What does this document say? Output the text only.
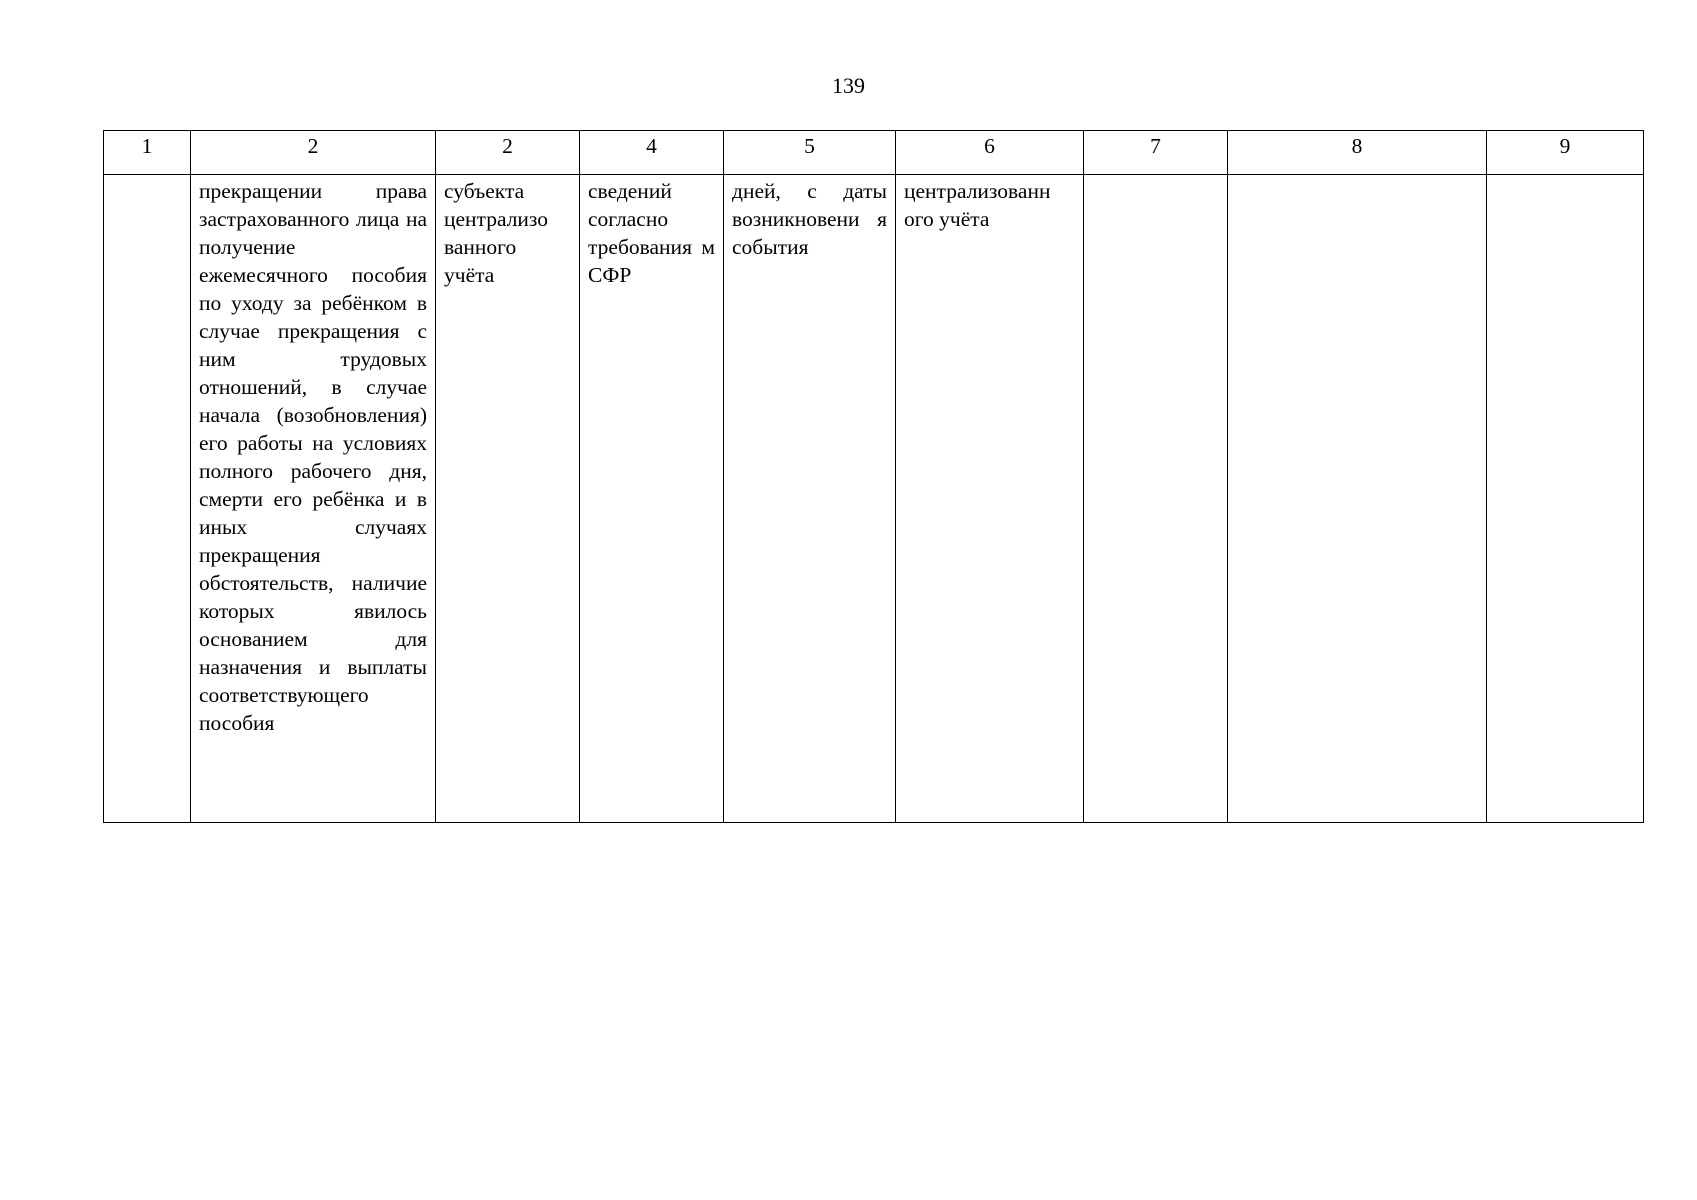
139
1	2	2	4	5	6	7	8	9

	прекращении права застрахованного лица на получение ежемесячного пособия по уходу за ребёнком в случае прекращения с ним трудовых отношений, в случае начала (возобновления) его работы на условиях полного рабочего дня, смерти его ребёнка и в иных случаях прекращения обстоятельств, наличие которых явилось основанием для назначения и выплаты соответствующего пособия	субъекта централизо ванного учёта	сведений согласно требования м СФР	дней, с даты возникновени я события	централизованн ого учёта			
